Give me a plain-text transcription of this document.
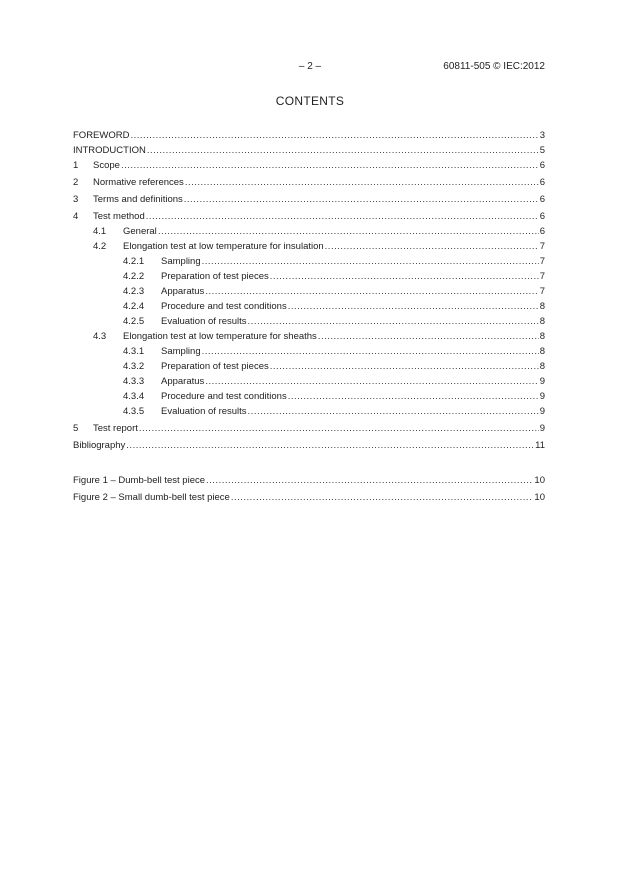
– 2 –	60811-505 © IEC:2012
CONTENTS
FOREWORD .....	3
INTRODUCTION .....	5
1	Scope .....	6
2	Normative references .....	6
3	Terms and definitions .....	6
4	Test method .....	6
4.1	General .....	6
4.2	Elongation test at low temperature for insulation .....	7
4.2.1	Sampling .....	7
4.2.2	Preparation of test pieces .....	7
4.2.3	Apparatus .....	7
4.2.4	Procedure and test conditions .....	8
4.2.5	Evaluation of results .....	8
4.3	Elongation test at low temperature for sheaths .....	8
4.3.1	Sampling .....	8
4.3.2	Preparation of test pieces .....	8
4.3.3	Apparatus .....	9
4.3.4	Procedure and test conditions .....	9
4.3.5	Evaluation of results .....	9
5	Test report .....	9
Bibliography .....	11
Figure 1 – Dumb-bell test piece .....	10
Figure 2 – Small dumb-bell test piece .....	10
